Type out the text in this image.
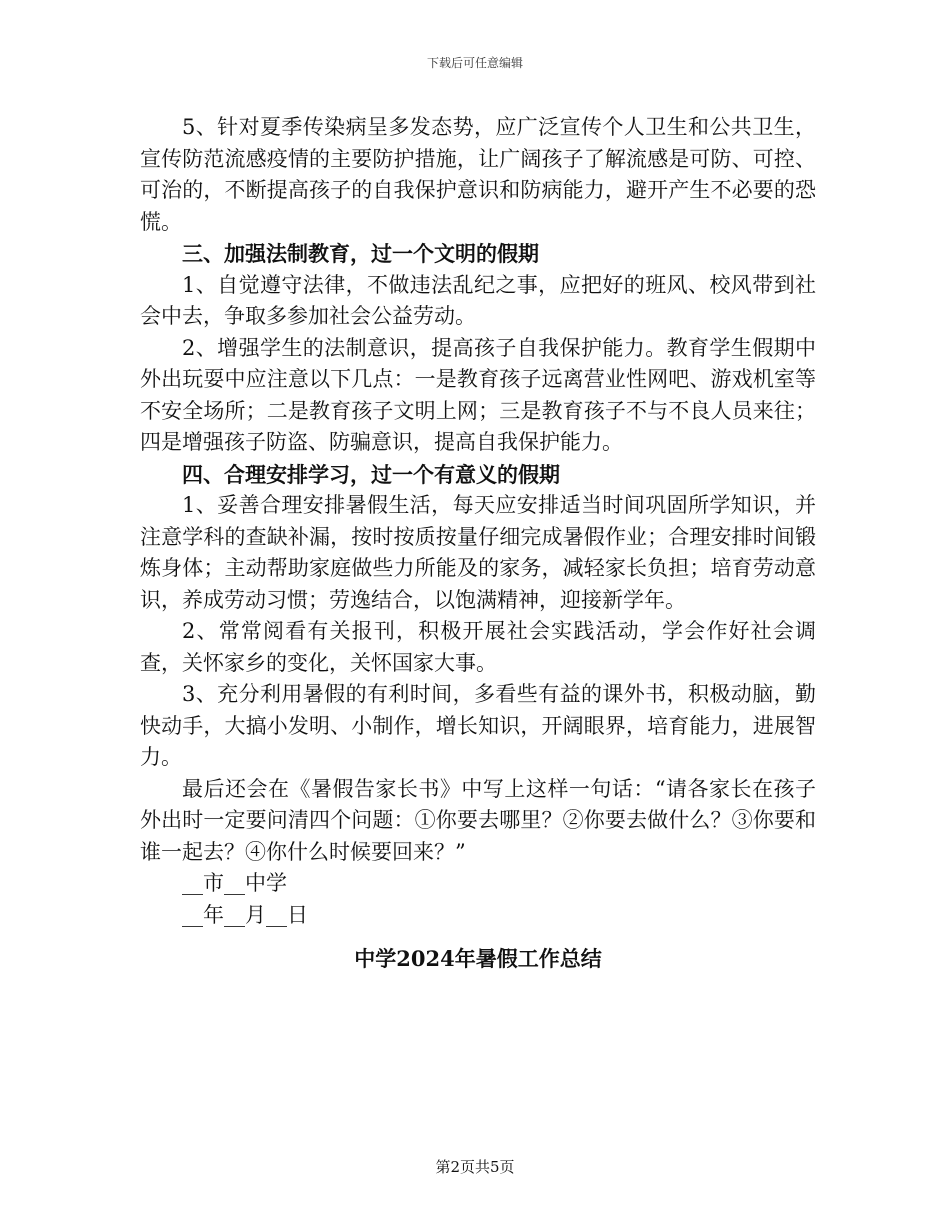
下载后可任意编辑

5、针对夏季传染病呈多发态势，应广泛宣传个人卫生和公共卫生，宣传防范流感疫情的主要防护措施，让广阔孩子了解流感是可防、可控、可治的，不断提高孩子的自我保护意识和防病能力，避开产生不必要的恐慌。

三、加强法制教育，过一个文明的假期

1、自觉遵守法律，不做违法乱纪之事，应把好的班风、校风带到社会中去，争取多参加社会公益劳动。

2、增强学生的法制意识，提高孩子自我保护能力。教育学生假期中外出玩耍中应注意以下几点：一是教育孩子远离营业性网吧、游戏机室等不安全场所；二是教育孩子文明上网；三是教育孩子不与不良人员来往；四是增强孩子防盗、防骗意识，提高自我保护能力。

四、合理安排学习，过一个有意义的假期

1、妥善合理安排暑假生活，每天应安排适当时间巩固所学知识，并注意学科的查缺补漏，按时按质按量仔细完成暑假作业；合理安排时间锻炼身体；主动帮助家庭做些力所能及的家务，减轻家长负担；培育劳动意识，养成劳动习惯；劳逸结合，以饱满精神，迎接新学年。

2、常常阅看有关报刊，积极开展社会实践活动，学会作好社会调查，关怀家乡的变化，关怀国家大事。

3、充分利用暑假的有利时间，多看些有益的课外书，积极动脑，勤快动手，大搞小发明、小制作，增长知识，开阔眼界，培育能力，进展智力。

最后还会在《暑假告家长书》中写上这样一句话：“请各家长在孩子外出时一定要问清四个问题：①你要去哪里？②你要去做什么？③你要和谁一起去？④你什么时候要回来？”

__市__中学

__年__月__日

中学2024年暑假工作总结

第2页共5页
